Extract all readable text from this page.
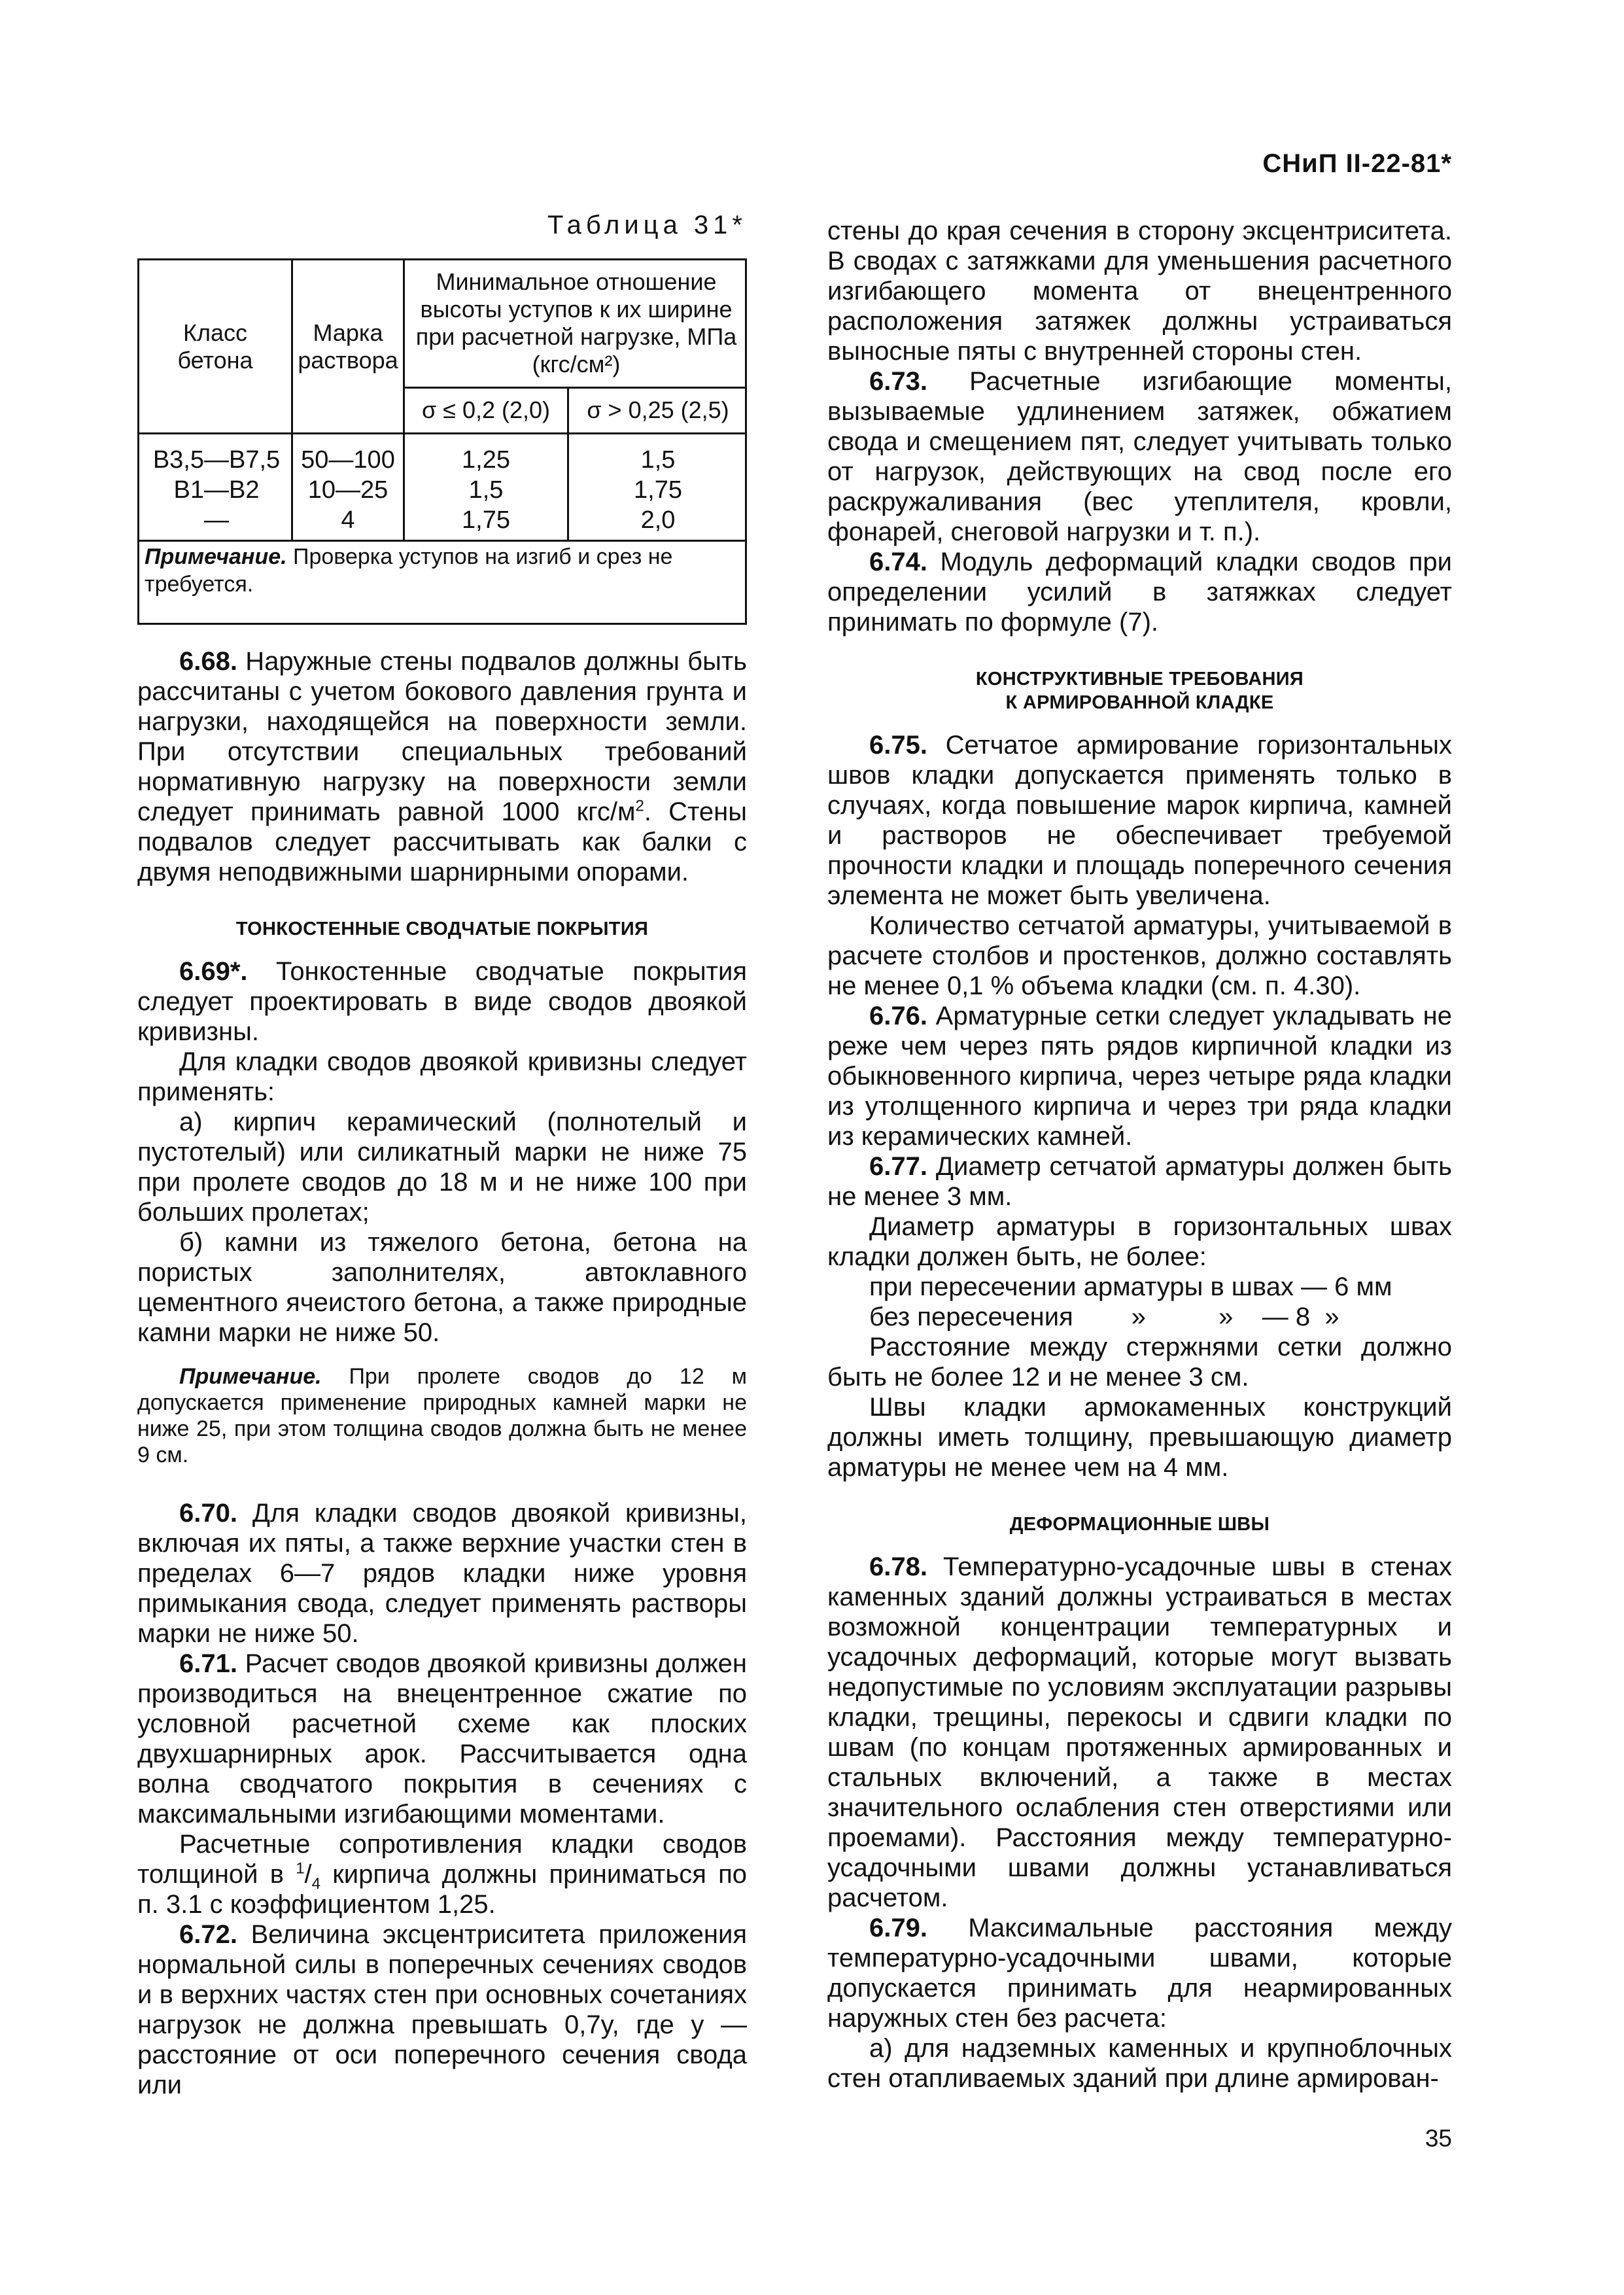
СНиП II-22-81*
Таблица 31*
Класс бетона
Марка раствора
Минимальное отношение высоты уступов к их ширине при расчетной нагрузке, МПа (кгс/см²)
σ ≤ 0,2 (2,0)	σ > 0,25 (2,5)
В3,5—В7,5 50—100	1,25	1,5
В1—В2	10—25	1,5	1,75
—	4	1,75	2,0
Примечание. Проверка уступов на изгиб и срез не требуется.

6.68. Наружные стены подвалов должны быть рассчитаны с учетом бокового давления грунта и нагрузки, находящейся на поверхности земли. При отсутствии специальных требований нормативную нагрузку на поверхности земли следует принимать равной 1000 кгс/$м^2$. Стены подвалов следует рассчитывать как балки с двумя неподвижными шарнирными опорами.

ТОНКОСТЕННЫЕ СВОДЧАТЫЕ ПОКРЫТИЯ

6.69*. Тонкостенные сводчатые покрытия следует проектировать в виде сводов двоякой кривизны.

Для кладки сводов двоякой кривизны следует применять:

а) кирпич керамический (полнотелый и пустотелый) или силикатный марки не ниже 75 при пролете сводов до 18 м и не ниже 100 при больших пролетах;

б) камни из тяжелого бетона, бетона на пористых заполнителях, автоклавного цементного ячеистого бетона, а также природные камни марки не ниже 50.

Примечание. При пролете сводов до 12 м допускается применение природных камней марки не ниже 25, при этом толщина сводов должна быть не менее 9 см.

6.70. Для кладки сводов двоякой кривизны, включая их пяты, а также верхние участки стен в пределах 6—7 рядов кладки ниже уровня примыкания свода, следует применять растворы марки не ниже 50.

6.71. Расчет сводов двоякой кривизны должен производиться на внецентренное сжатие по условной расчетной схеме как плоских двухшарнирных арок. Рассчитывается одна волна сводчатого покрытия в сечениях с максимальными изгибающими моментами.

Расчетные сопротивления кладки сводов толщиной в $^1/_4$ кирпича должны приниматься по п. 3.1 с коэффициентом 1,25.

6.72. Величина эксцентриситета приложения нормальной силы в поперечных сечениях сводов и в верхних частях стен при основных сочетаниях нагрузок не должна превышать 0,7y, где y — расстояние от оси поперечного сечения свода или

стены до края сечения в сторону эксцентриситета. В сводах с затяжками для уменьшения расчетного изгибающего момента от внецентренного расположения затяжек должны устраиваться выносные пяты с внутренней стороны стен.

6.73. Расчетные изгибающие моменты, вызываемые удлинением затяжек, обжатием свода и смещением пят, следует учитывать только от нагрузок, действующих на свод после его раскружаливания (вес утеплителя, кровли, фонарей, снеговой нагрузки и т. п.).

6.74. Модуль деформаций кладки сводов при определении усилий в затяжках следует принимать по формуле (7).

КОНСТРУКТИВНЫЕ ТРЕБОВАНИЯ

К АРМИРОВАННОЙ КЛАДКЕ

6.75. Сетчатое армирование горизонтальных швов кладки допускается применять только в случаях, когда повышение марок кирпича, камней и растворов не обеспечивает требуемой прочности кладки и площадь поперечного сечения элемента не может быть увеличена.

Количество сетчатой арматуры, учитываемой в расчете столбов и простенков, должно составлять не менее 0,1 % объема кладки (см. п. 4.30).

6.76. Арматурные сетки следует укладывать не реже чем через пять рядов кирпичной кладки из обыкновенного кирпича, через четыре ряда кладки из утолщенного кирпича и через три ряда кладки из керамических камней.

6.77. Диаметр сетчатой арматуры должен быть не менее 3 мм.

Диаметр арматуры в горизонтальных швах кладки должен быть, не более:

при пересечении арматуры в швах — 6 мм

без пересечения        »          »    — 8  »

Расстояние между стержнями сетки должно быть не более 12 и не менее 3 см.

Швы кладки армокаменных конструкций должны иметь толщину, превышающую диаметр арматуры не менее чем на 4 мм.

ДЕФОРМАЦИОННЫЕ ШВЫ

6.78. Температурно-усадочные швы в стенах каменных зданий должны устраиваться в местах возможной концентрации температурных и усадочных деформаций, которые могут вызвать недопустимые по условиям эксплуатации разрывы кладки, трещины, перекосы и сдвиги кладки по швам (по концам протяженных армированных и стальных включений, а также в местах значительного ослабления стен отверстиями или проемами). Расстояния между температурно-усадочными швами должны устанавливаться расчетом.

6.79. Максимальные расстояния между температурно-усадочными швами, которые допускается принимать для неармированных наружных стен без расчета:

а) для надземных каменных и крупноблочных стен отапливаемых зданий при длине армирован-

35
